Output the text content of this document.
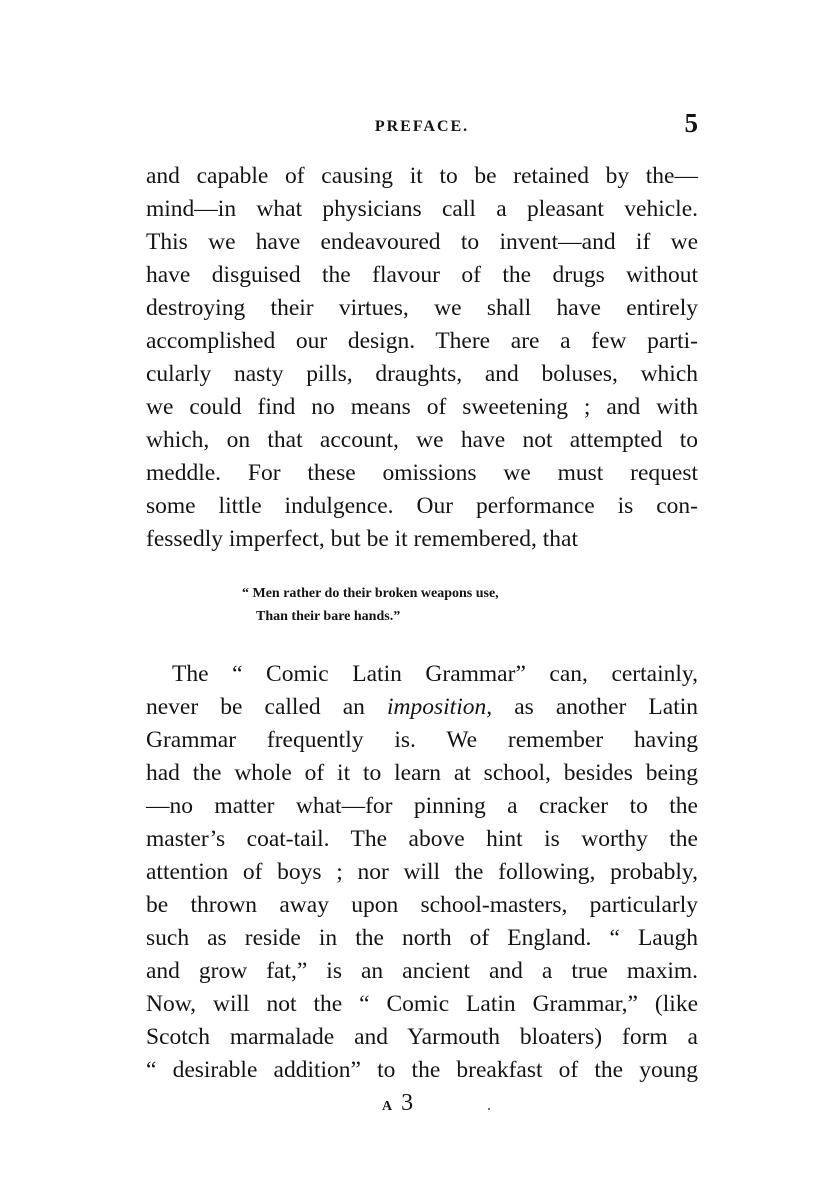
PREFACE.	5
and capable of causing it to be retained by the—
mind—in what physicians call a pleasant vehicle.
This we have endeavoured to invent—and if we
have disguised the flavour of the drugs without
destroying their virtues, we shall have entirely
accomplished our design. There are a few parti-
cularly nasty pills, draughts, and boluses, which
we could find no means of sweetening ; and with
which, on that account, we have not attempted to
meddle. For these omissions we must request
some little indulgence. Our performance is con-
fessedly imperfect, but be it remembered, that
“ Men rather do their broken weapons use,
Than their bare hands.”
The “ Comic Latin Grammar” can, certainly,
never be called an imposition, as another Latin
Grammar frequently is. We remember having
had the whole of it to learn at school, besides being
—no matter what—for pinning a cracker to the
master’s coat-tail. The above hint is worthy the
attention of boys ; nor will the following, probably,
be thrown away upon school-masters, particularly
such as reside in the north of England. “ Laugh
and grow fat,” is an ancient and a true maxim.
Now, will not the “ Comic Latin Grammar,” (like
Scotch marmalade and Yarmouth bloaters) form a
“ desirable addition” to the breakfast of the young
A 3
